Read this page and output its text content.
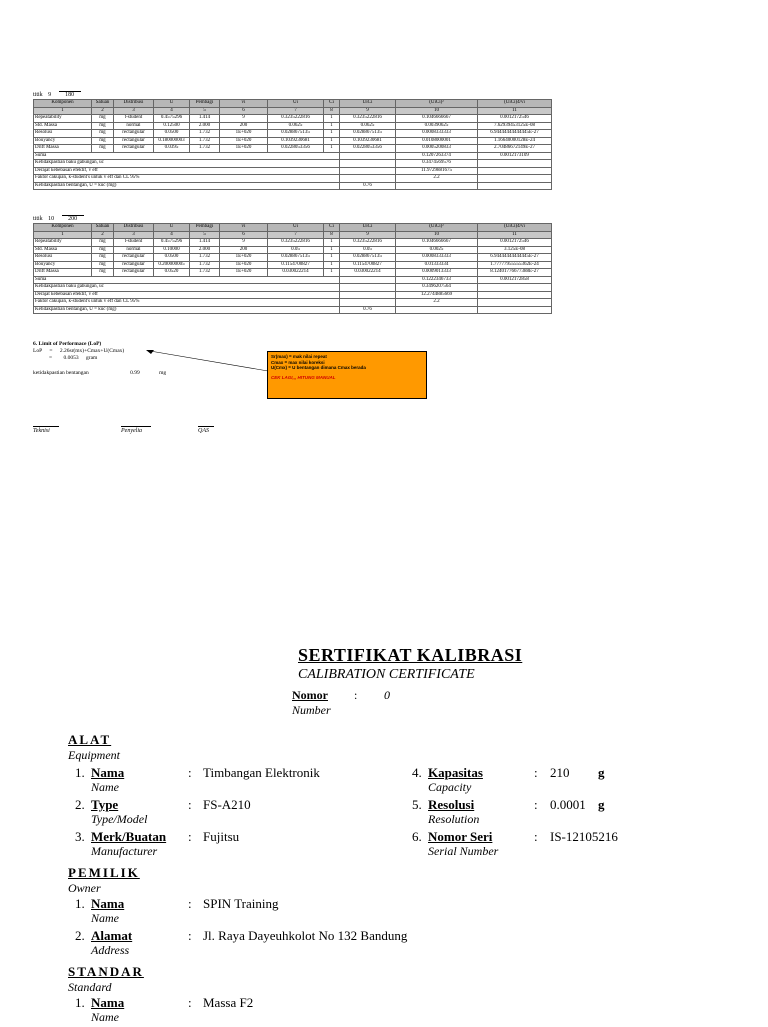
titik 9 180
Komponen	Satuan	Distribusi	U	Pembagi	vi	Ui	Ci	UiCi	(UiCi)²	(UiCi)4/vi
1	2	3	4	5	6	7	8	9	10	11
Repeatability	mg	t-student	0.4575296	1.414	9	0.3235222816	1	0.3235222816	0.1046666667	0.0012172546
Std. Massa	mg	normal	0.12500	2.000	200	0.0625	1	0.0625	0.00390625	7.62939453125E-08
Resolusi	mg	rectangular	0.0500	1.732	1E+020	0.0288675135	1	0.0288675135	0.0008333333	6.94444444444445E-27
Bouyancy	mg	rectangular	0.180000003	1.732	1E+020	0.1039230681	1	0.1039230681	0.0108000001	1.16640000128E-24
Drift Massa	mg	rectangular	0.0395	1.732	1E+020	0.0228053356	1	0.0228053356	0.0005200833	2.70486672149E-27
Suma									0.1207263374	0.0012173109
Ketidakpastian baku gabungan, uc									0.3474569576	
Derajat kebebasan efektif, v eff									11.9729881675	
Faktor cakupan, k-student's untuk v eff dan CL 95%									2.2	
Ketidakpastian bentangan, U = kuc (mg)								0.76		
titik 10 200
Komponen	Satuan	Distribusi	U	Pembagi	vi	Ui	Ci	UiCi	(UiCi)²	(UiCi)4/vi
1	2	3	4	5	6	7	8	9	10	11
Repeatability	mg	t-student	0.4575296	1.414	9	0.3235222816	1	0.3235222816	0.1046666667	0.0012172546
Std. Massa	mg	normal	0.10000	2.000	200	0.05	1	0.05	0.0025	3.125E-08
Resolusi	mg	rectangular	0.0500	1.732	1E+020	0.0288675135	1	0.0288675135	0.0008333333	6.94444444444445E-27
Bouyancy	mg	rectangular	0.200000005	1.732	1E+020	0.1154700827	1	0.1154700827	0.01333334	1.77777955555362E-24
Drift Massa	mg	rectangular	0.0520	1.732	1E+020	0.030022214	1	0.030022214	0.0009013333	8.12401776677388E-27
Suma									0.1222346733	0.0012172858
Ketidakpastian baku gabungan, uc									0.3496207564	
Derajat kebebasan efektif, v eff									12.2744885669	
Faktor cakupan, k-student's untuk v eff dan CL 95%									2.2	
Ketidakpastian bentangan, U = kuc (mg)								0.76		
6. Limit of Performace (LoP)
LoP = 2.26sr(mx)+Cmax+U(Cmax)
= 0.0053 gram
ketidakpastian bentangan	0.99	mg
Sr(max) = mak nilai repeat
Cmax = max nilai koreksi
U(Cmx) = U bentangan dimana Cmax berada
CEK LAGI,,, HITUNG MANUAL
Teknisi	Penyelia	QAS
SERTIFIKAT KALIBRASI
CALIBRATION CERTIFICATE
Nomor : 0
Number
ALAT
Equipment
1. Nama
Name
: Timbangan Elektronik
2. Type
Type/Model
: FS-A210
3. Merk/Buatan
Manufacturer
: Fujitsu
4. Kapasitas
Capacity
: 210 g
5. Resolusi
Resolution
: 0.0001 g
6. Nomor Seri
Serial Number
: IS-12105216
PEMILIK
Owner
1. Nama
Name
: SPIN Training
2. Alamat
Address
: Jl. Raya Dayeuhkolot No 132 Bandung
STANDAR
Standard
1. Nama
Name
: Massa F2
